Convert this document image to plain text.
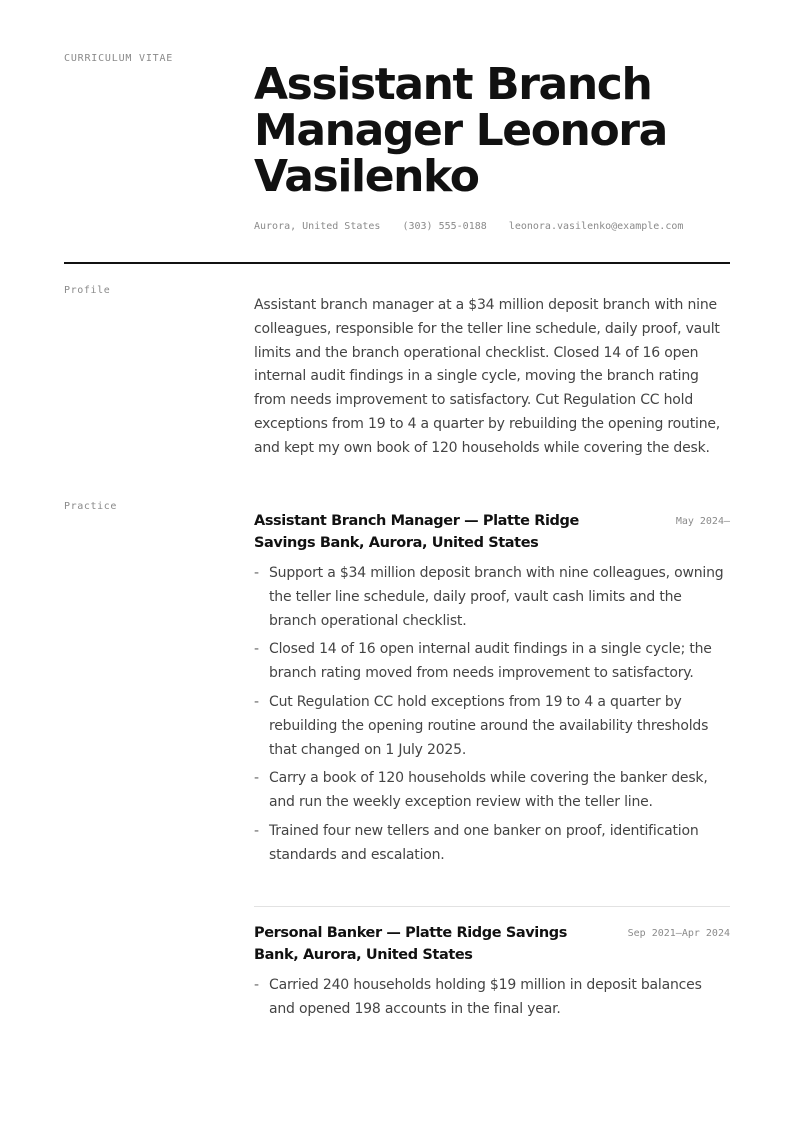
CURRICULUM VITAE
Assistant Branch Manager Leonora Vasilenko
Aurora, United States (303) 555-0188 leonora.vasilenko@example.com
Profile

Assistant branch manager at a $34 million deposit branch with nine colleagues, responsible for the teller line schedule, daily proof, vault limits and the branch operational checklist. Closed 14 of 16 open internal audit findings in a single cycle, moving the branch rating from needs improvement to satisfactory. Cut Regulation CC hold exceptions from 19 to 4 a quarter by rebuilding the opening routine, and kept my own book of 120 households while covering the desk.

Practice
Assistant Branch Manager — Platte Ridge Savings Bank, Aurora, United States
May 2024–
- Support a $34 million deposit branch with nine colleagues, owning the teller line schedule, daily proof, vault cash limits and the branch operational checklist.
- Closed 14 of 16 open internal audit findings in a single cycle; the branch rating moved from needs improvement to satisfactory.
- Cut Regulation CC hold exceptions from 19 to 4 a quarter by rebuilding the opening routine around the availability thresholds that changed on 1 July 2025.
- Carry a book of 120 households while covering the banker desk, and run the weekly exception review with the teller line.
- Trained four new tellers and one banker on proof, identification standards and escalation.
Personal Banker — Platte Ridge Savings Bank, Aurora, United States
Sep 2021–Apr 2024
- Carried 240 households holding $19 million in deposit balances and opened 198 accounts in the final year.
